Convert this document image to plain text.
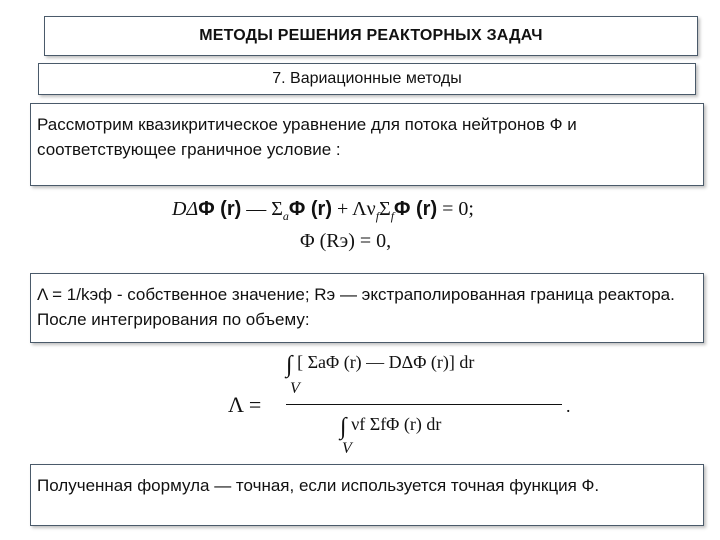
МЕТОДЫ РЕШЕНИЯ РЕАКТОРНЫХ ЗАДАЧ
7. Вариационные методы
Рассмотрим квазикритическое уравнение для потока нейтронов Ф и соответствующее граничное условие :
DΔΦ (r) — $\Sigma_a\Phi$ $(r) + \Lambda\nu_f\Sigma_f\Phi$ (r) = 0;
Φ (Rэ) = 0,
Λ = 1/kэф - собственное значение; Rэ — экстраполированная граница реактора. После интегрирования по объему:
Λ =
∫ [ ΣaΦ (r) — DΔΦ (r)] dr
V
.
∫ νf ΣfΦ (r) dr
V
Полученная формула — точная, если используется точная функция Ф.
